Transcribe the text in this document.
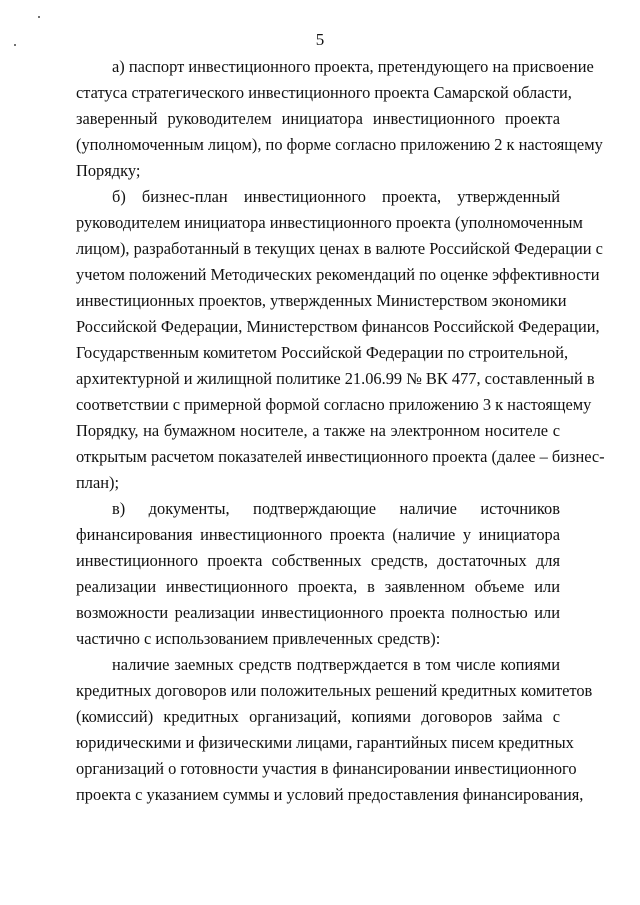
5
а) паспорт инвестиционного проекта, претендующего на присвоение
статуса стратегического инвестиционного проекта Самарской области,
заверенный руководителем инициатора инвестиционного проекта
(уполномоченным лицом), по форме согласно приложению 2 к настоящему
Порядку;
б) бизнес-план инвестиционного проекта, утвержденный
руководителем инициатора инвестиционного проекта (уполномоченным
лицом), разработанный в текущих ценах в валюте Российской Федерации с
учетом положений Методических рекомендаций по оценке эффективности
инвестиционных проектов, утвержденных Министерством экономики
Российской Федерации, Министерством финансов Российской Федерации,
Государственным комитетом Российской Федерации по строительной,
архитектурной и жилищной политике 21.06.99 № ВК 477, составленный в
соответствии с примерной формой согласно приложению 3 к настоящему
Порядку, на бумажном носителе, а также на электронном носителе с
открытым расчетом показателей инвестиционного проекта (далее – бизнес-
план);
в) документы, подтверждающие наличие источников
финансирования инвестиционного проекта (наличие у инициатора
инвестиционного проекта собственных средств, достаточных для
реализации инвестиционного проекта, в заявленном объеме или
возможности реализации инвестиционного проекта полностью или
частично с использованием привлеченных средств):
наличие заемных средств подтверждается в том числе копиями
кредитных договоров или положительных решений кредитных комитетов
(комиссий) кредитных организаций, копиями договоров займа с
юридическими и физическими лицами, гарантийных писем кредитных
организаций о готовности участия в финансировании инвестиционного
проекта с указанием суммы и условий предоставления финансирования,
